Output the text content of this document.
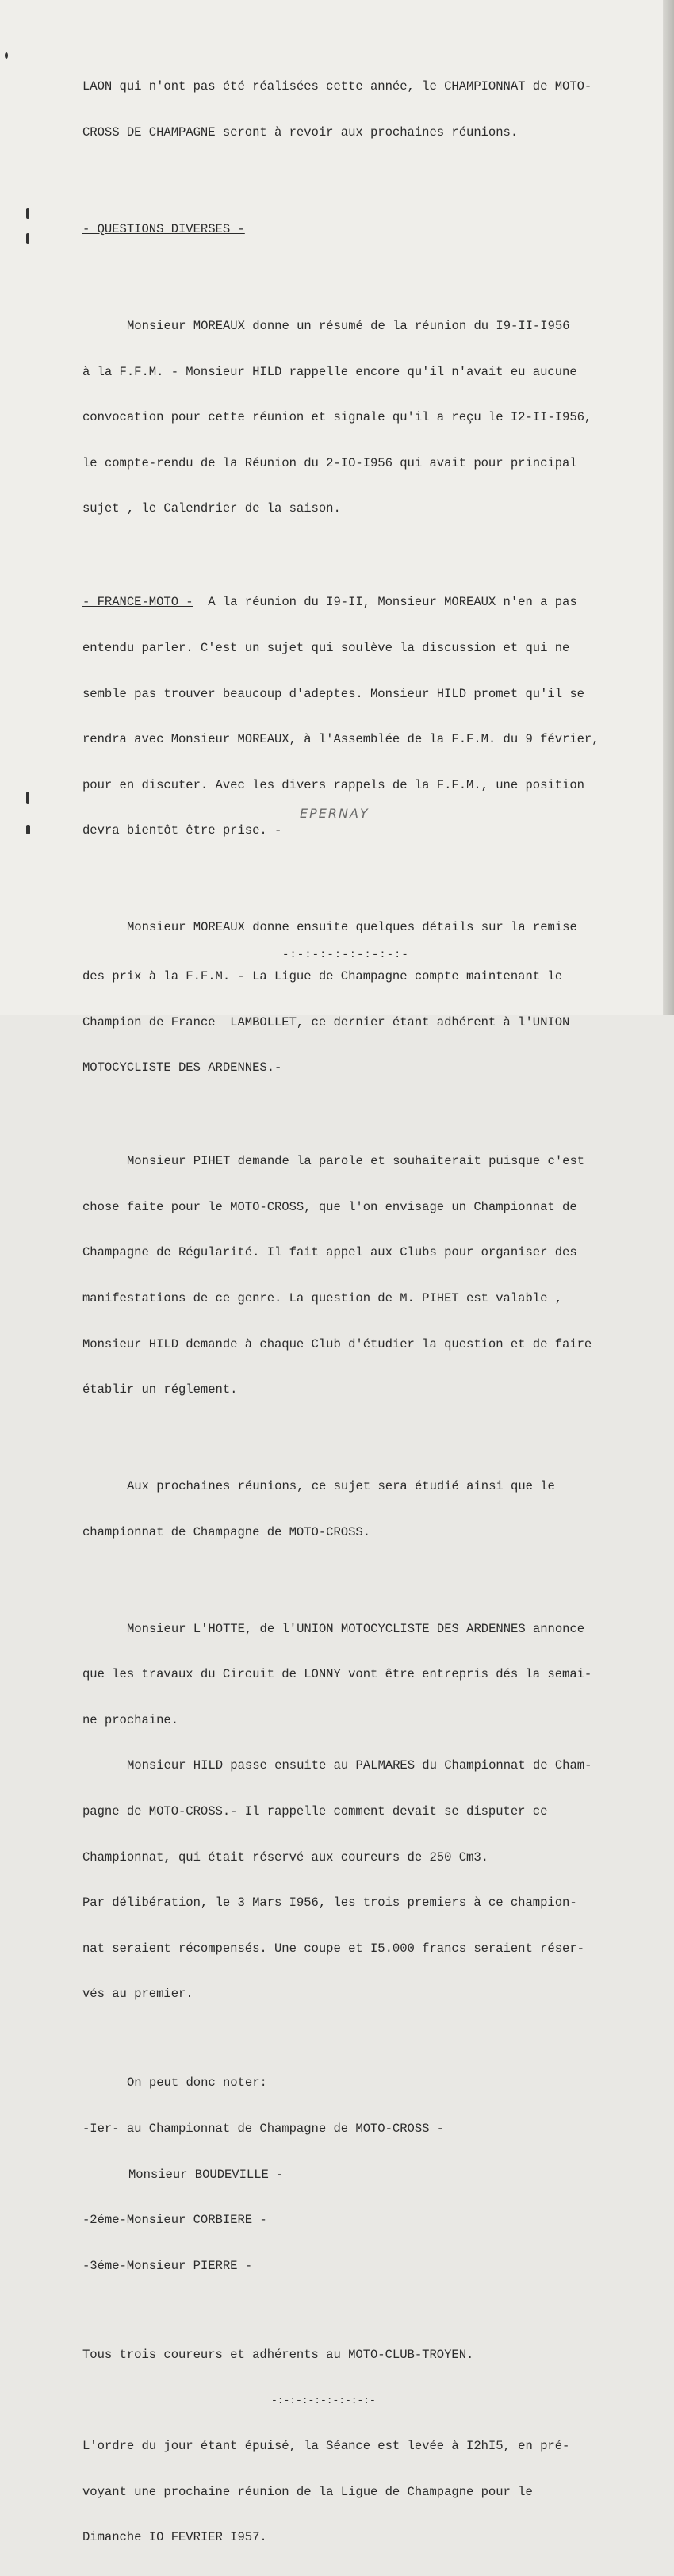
LAON qui n'ont pas été réalisées cette année, le CHAMPIONNAT de MOTO-

CROSS DE CHAMPAGNE seront à revoir aux prochaines réunions.

- QUESTIONS DIVERSES -

Monsieur MOREAUX donne un résumé de la réunion du I9-II-I956

à la F.F.M. - Monsieur HILD rappelle encore qu'il n'avait eu aucune

convocation pour cette réunion et signale qu'il a reçu le I2-II-I956,

le compte-rendu de la Réunion du 2-IO-I956 qui avait pour principal

sujet , le Calendrier de la saison.

- FRANCE-MOTO -  A la réunion du I9-II, Monsieur MOREAUX n'en a pas

entendu parler. C'est un sujet qui soulève la discussion et qui ne

semble pas trouver beaucoup d'adeptes. Monsieur HILD promet qu'il se

rendra avec Monsieur MOREAUX, à l'Assemblée de la F.F.M. du 9 février,

pour en discuter. Avec les divers rappels de la F.F.M., une position

devra bientôt être prise. -

Monsieur MOREAUX donne ensuite quelques détails sur la remise

des prix à la F.F.M. - La Ligue de Champagne compte maintenant le

Champion de France  LAMBOLLET, ce dernier étant adhérent à l'UNION

MOTOCYCLISTE DES ARDENNES.-

Monsieur PIHET demande la parole et souhaiterait puisque c'est

chose faite pour le MOTO-CROSS, que l'on envisage un Championnat de

Champagne de Régularité. Il fait appel aux Clubs pour organiser des

manifestations de ce genre. La question de M. PIHET est valable ,

Monsieur HILD demande à chaque Club d'étudier la question et de faire

établir un réglement.

Aux prochaines réunions, ce sujet sera étudié ainsi que le

championnat de Champagne de MOTO-CROSS.

Monsieur L'HOTTE, de l'UNION MOTOCYCLISTE DES ARDENNES annonce

que les travaux du Circuit de LONNY vont être entrepris dés la semai-

ne prochaine.

Monsieur HILD passe ensuite au PALMARES du Championnat de Cham-

pagne de MOTO-CROSS.- Il rappelle comment devait se disputer ce

Championnat, qui était réservé aux coureurs de 250 Cm3.

Par délibération, le 3 Mars I956, les trois premiers à ce champion-

nat seraient récompensés. Une coupe et I5.000 francs seraient réser-

vés au premier.

On peut donc noter:

-Ier- au Championnat de Champagne de MOTO-CROSS -

Monsieur BOUDEVILLE -

-2éme-Monsieur CORBIERE -

-3éme-Monsieur PIERRE -

Tous trois coureurs et adhérents au MOTO-CLUB-TROYEN.

-:-:-:-:-:-:-:-:-

L'ordre du jour étant épuisé, la Séance est levée à I2hI5, en pré-

voyant une prochaine réunion de la Ligue de Champagne pour le

Dimanche IO FEVRIER I957.

EPERNAY
-:-:-:-:-:-:-:-:-
